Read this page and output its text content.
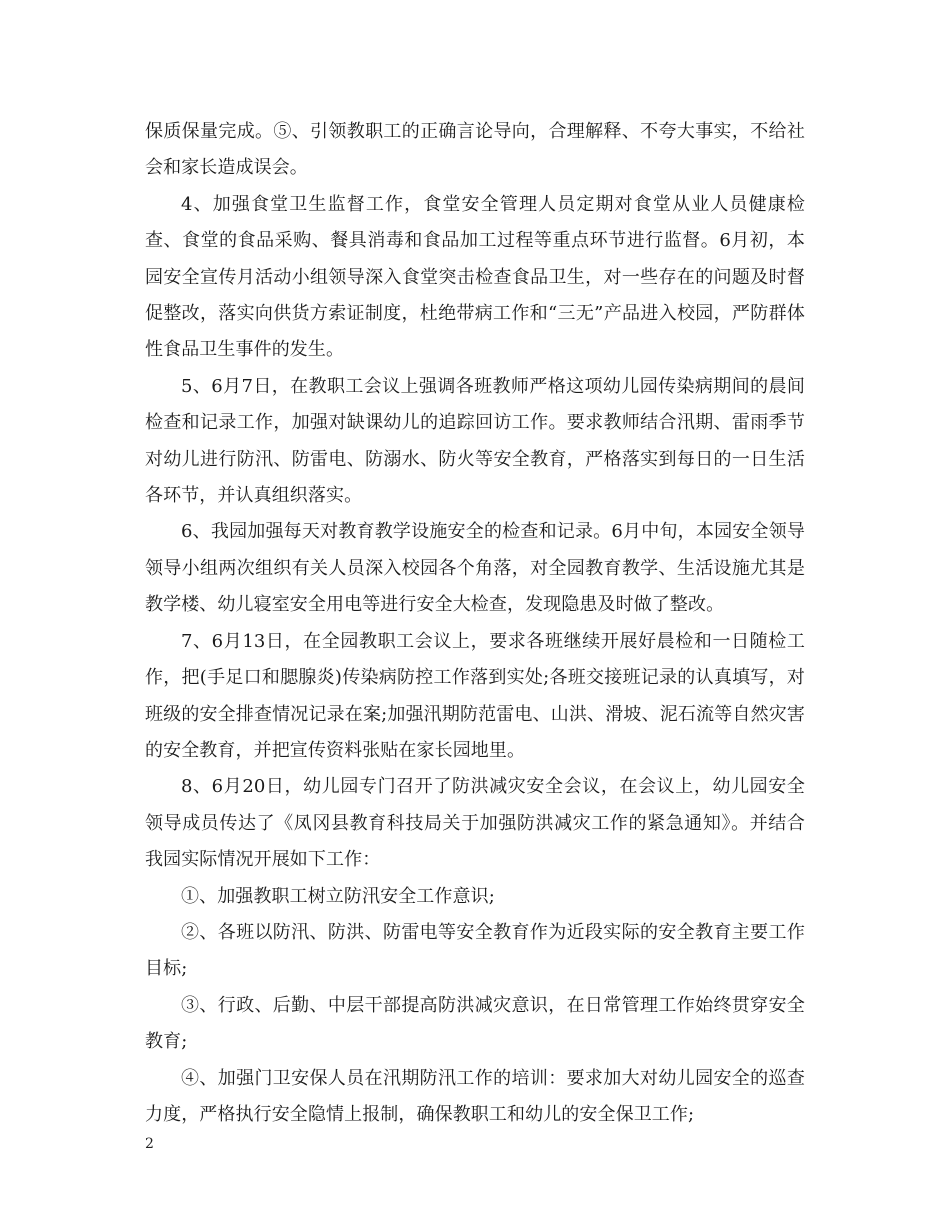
保质保量完成。⑤、引领教职工的正确言论导向，合理解释、不夸大事实，不给社会和家长造成误会。

4、加强食堂卫生监督工作，食堂安全管理人员定期对食堂从业人员健康检查、食堂的食品采购、餐具消毒和食品加工过程等重点环节进行监督。6月初，本园安全宣传月活动小组领导深入食堂突击检查食品卫生，对一些存在的问题及时督促整改，落实向供货方索证制度，杜绝带病工作和“三无”产品进入校园，严防群体性食品卫生事件的发生。

5、6月7日，在教职工会议上强调各班教师严格这项幼儿园传染病期间的晨间检查和记录工作，加强对缺课幼儿的追踪回访工作。要求教师结合汛期、雷雨季节对幼儿进行防汛、防雷电、防溺水、防火等安全教育，严格落实到每日的一日生活各环节，并认真组织落实。

6、我园加强每天对教育教学设施安全的检查和记录。6月中旬，本园安全领导领导小组两次组织有关人员深入校园各个角落，对全园教育教学、生活设施尤其是教学楼、幼儿寝室安全用电等进行安全大检查，发现隐患及时做了整改。

7、6月13日，在全园教职工会议上，要求各班继续开展好晨检和一日随检工作，把(手足口和腮腺炎)传染病防控工作落到实处;各班交接班记录的认真填写，对班级的安全排查情况记录在案;加强汛期防范雷电、山洪、滑坡、泥石流等自然灾害的安全教育，并把宣传资料张贴在家长园地里。

8、6月20日，幼儿园专门召开了防洪减灾安全会议，在会议上，幼儿园安全领导成员传达了《凤冈县教育科技局关于加强防洪减灾工作的紧急通知》。并结合我园实际情况开展如下工作：

①、加强教职工树立防汛安全工作意识;

②、各班以防汛、防洪、防雷电等安全教育作为近段实际的安全教育主要工作目标;

③、行政、后勤、中层干部提高防洪减灾意识，在日常管理工作始终贯穿安全教育;

④、加强门卫安保人员在汛期防汛工作的培训：要求加大对幼儿园安全的巡查力度，严格执行安全隐情上报制，确保教职工和幼儿的安全保卫工作;

2
